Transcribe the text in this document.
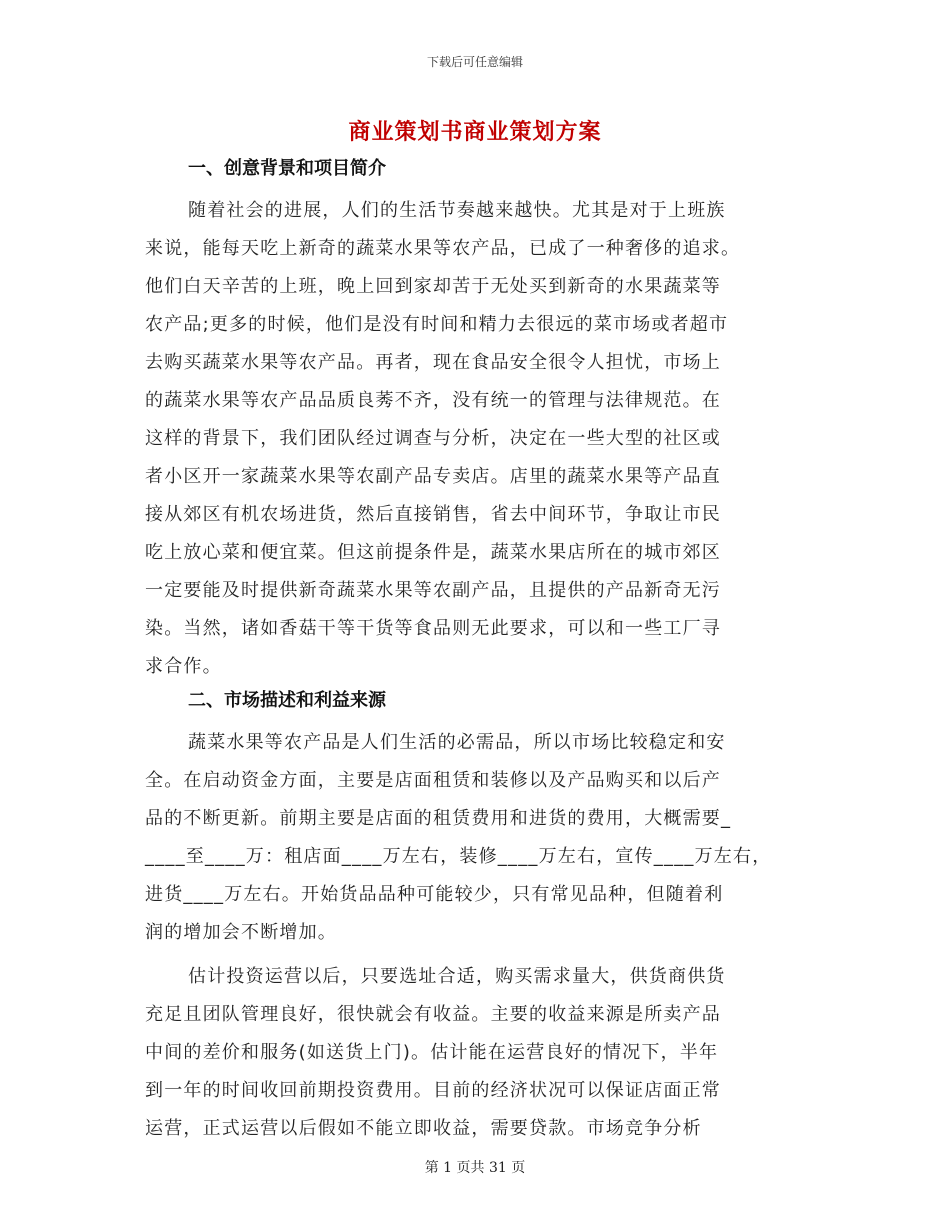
下载后可任意编辑
商业策划书商业策划方案
一、创意背景和项目简介
随着社会的进展，人们的生活节奏越来越快。尤其是对于上班族
来说，能每天吃上新奇的蔬菜水果等农产品，已成了一种奢侈的追求。
他们白天辛苦的上班，晚上回到家却苦于无处买到新奇的水果蔬菜等
农产品;更多的时候，他们是没有时间和精力去很远的菜市场或者超市
去购买蔬菜水果等农产品。再者，现在食品安全很令人担忧，市场上
的蔬菜水果等农产品品质良莠不齐，没有统一的管理与法律规范。在
这样的背景下，我们团队经过调查与分析，决定在一些大型的社区或
者小区开一家蔬菜水果等农副产品专卖店。店里的蔬菜水果等产品直
接从郊区有机农场进货，然后直接销售，省去中间环节，争取让市民
吃上放心菜和便宜菜。但这前提条件是，蔬菜水果店所在的城市郊区
一定要能及时提供新奇蔬菜水果等农副产品，且提供的产品新奇无污
染。当然，诸如香菇干等干货等食品则无此要求，可以和一些工厂寻
求合作。
二、市场描述和利益来源
蔬菜水果等农产品是人们生活的必需品，所以市场比较稳定和安
全。在启动资金方面，主要是店面租赁和装修以及产品购买和以后产
品的不断更新。前期主要是店面的租赁费用和进货的费用，大概需要_
____至____万：租店面____万左右，装修____万左右，宣传____万左右，
进货____万左右。开始货品品种可能较少，只有常见品种，但随着利
润的增加会不断增加。
估计投资运营以后，只要选址合适，购买需求量大，供货商供货
充足且团队管理良好，很快就会有收益。主要的收益来源是所卖产品
中间的差价和服务(如送货上门)。估计能在运营良好的情况下，半年
到一年的时间收回前期投资费用。目前的经济状况可以保证店面正常
运营，正式运营以后假如不能立即收益，需要贷款。市场竞争分析
第 1 页共 31 页
